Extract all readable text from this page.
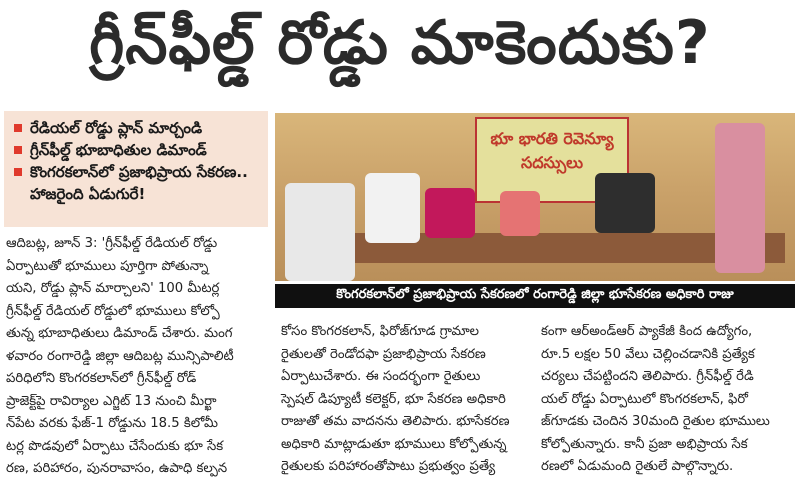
గ్రీన్‌ఫీల్డ్ రోడ్డు మాకెందుకు?
రేడియల్ రోడ్డు ప్లాన్ మార్చండి
గ్రీన్‌ఫీల్డ్ భూబాధితుల డిమాండ్
కొంగరకలాన్‌లో ప్రజాభిప్రాయ సేకరణ.. హాజరైంది ఏడుగురే!
భూ భారతి రెవెన్యూ సదస్సులు
కొంగరకలాన్‌లో ప్రజాభిప్రాయ సేకరణలో రంగారెడ్డి జిల్లా భూసేకరణ అధికారి రాజు

ఆదిబట్ల, జూన్ 3: 'గ్రీన్‌ఫీల్డ్ రేడియల్ రోడ్డు

ఏర్పాటుతో భూములు పూర్తిగా పోతున్నా

యని, రోడ్డు ప్లాన్ మార్చాలని' 100 మీటర్ల

గ్రీన్‌ఫీల్డ్ రేడియల్ రోడ్డులో భూములు కోల్పో

తున్న భూబాధితులు డిమాండ్ చేశారు. మంగ

ళవారం రంగారెడ్డి జిల్లా ఆదిబట్ల మున్సిపాలిటీ

పరిధిలోని కొంగరకలాన్‌లో గ్రీన్‌ఫీల్డ్ రోడ్

ప్రాజెక్ట్‌పై రావిర్యాల ఎగ్జిట్ 13 నుంచి మీర్ఖా

న్‌పేట వరకు ఫేజ్-1 రోడ్డును 18.5 కిలోమీ

టర్ల పొడవులో ఏర్పాటు చేసేందుకు భూ సేక

రణ, పరిహారం, పునరావాసం, ఉపాధి కల్పన

కోసం కొంగరకలాన్, ఫిరోజ్‌గూడ గ్రామాల

రైతులతో రెండోదఫా ప్రజాభిప్రాయ సేకరణ

ఏర్పాటుచేశారు. ఈ సందర్భంగా రైతులు

స్పెషల్ డిప్యూటీ కలెక్టర్, భూ సేకరణ అధికారి

రాజుతో తమ వాదనను తెలిపారు. భూసేకరణ

అధికారి మాట్లాడుతూ భూములు కోల్పోతున్న

రైతులకు పరిహారంతోపాటు ప్రభుత్వం ప్రత్యే

కంగా ఆర్అండ్ఆర్ ప్యాకేజీ కింద ఉద్యోగం,

రూ.5 లక్షల 50 వేలు చెల్లించడానికి ప్రత్యేక

చర్యలు చేపట్టిందని తెలిపారు. గ్రీన్‌ఫీల్డ్ రేడి

యల్ రోడ్డు ఏర్పాటులో కొంగరకలాన్, ఫిరో

జ్‌గూడకు చెందిన 30మంది రైతుల భూములు

కోల్పోతున్నారు. కానీ ప్రజా అభిప్రాయ సేక

రణలో ఏడుమంది రైతులే పాల్గొన్నారు.
